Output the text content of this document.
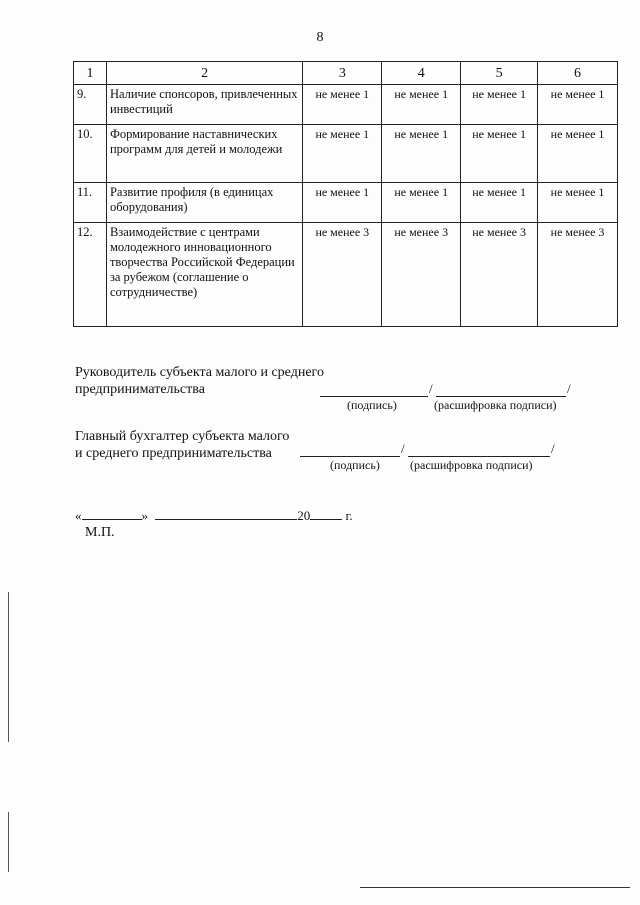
8
1	2	3	4	5	6
9.	Наличие спонсоров, привлеченных инвестиций	не менее 1	не менее 1	не менее 1	не менее 1
10.	Формирование наставнических программ для детей и молодежи	не менее 1	не менее 1	не менее 1	не менее 1
11.	Развитие профиля (в единицах оборудования)	не менее 1	не менее 1	не менее 1	не менее 1
12.	Взаимодействие с центрами молодежного инновационного творчества Российской Федерации за рубежом (соглашение о сотрудничестве)	не менее 3	не менее 3	не менее 3	не менее 3
Руководитель субъекта малого и среднего
предпринимательства	/	/
(подпись)	(расшифровка подписи)
Главный бухгалтер субъекта малого
и среднего предпринимательства	/	/
(подпись)	(расшифровка подписи)
«	»	20	г.
М.П.
